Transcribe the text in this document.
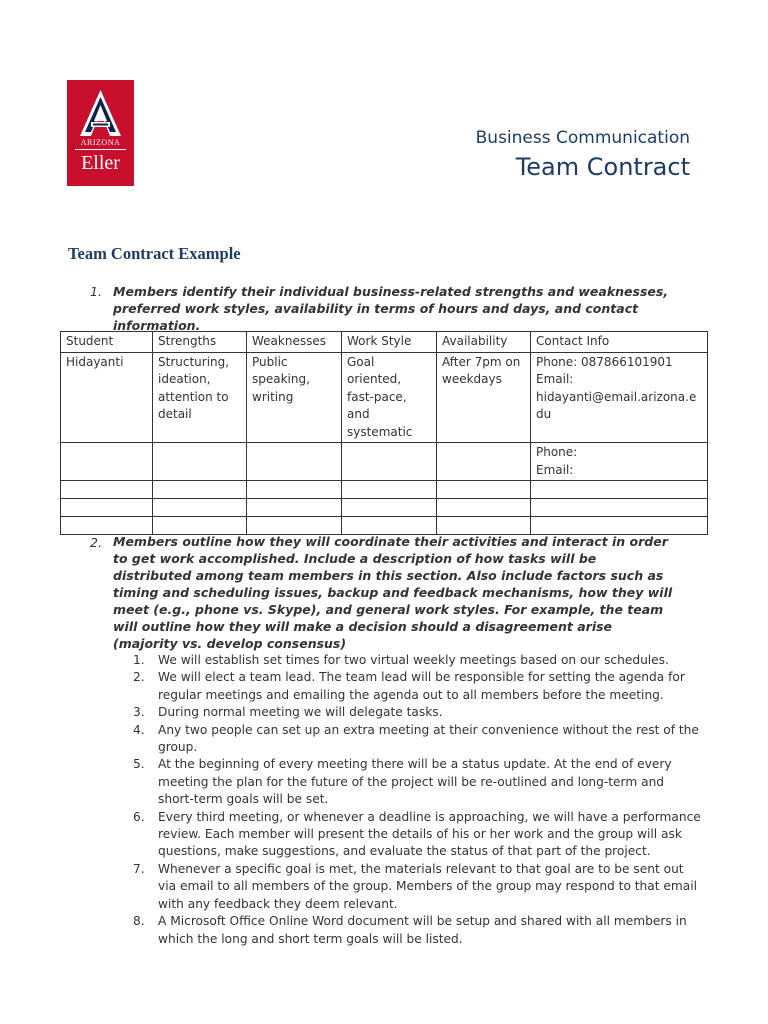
ARIZONA
Eller
Business Communication
Team Contract
Team Contract Example
1. Members identify their individual business-related strengths and weaknesses, preferred work styles, availability in terms of hours and days, and contact information.
Student	Strengths	Weaknesses	Work Style	Availability	Contact Info
Hidayanti	Structuring, ideation, attention to detail	Public speaking, writing	Goal oriented, fast-pace, and systematic	After 7pm on weekdays	Phone: 087866101901
Email:
hidayanti@email.arizona.edu

					Phone:
Email:

2. Members outline how they will coordinate their activities and interact in order to get work accomplished. Include a description of how tasks will be distributed among team members in this section. Also include factors such as timing and scheduling issues, backup and feedback mechanisms, how they will meet (e.g., phone vs. Skype), and general work styles. For example, the team will outline how they will make a decision should a disagreement arise (majority vs. develop consensus)
1. We will establish set times for two virtual weekly meetings based on our schedules.
2. We will elect a team lead. The team lead will be responsible for setting the agenda for regular meetings and emailing the agenda out to all members before the meeting.
3. During normal meeting we will delegate tasks.
4. Any two people can set up an extra meeting at their convenience without the rest of the group.
5. At the beginning of every meeting there will be a status update. At the end of every meeting the plan for the future of the project will be re-outlined and long-term and short-term goals will be set.
6. Every third meeting, or whenever a deadline is approaching, we will have a performance review. Each member will present the details of his or her work and the group will ask questions, make suggestions, and evaluate the status of that part of the project.
7. Whenever a specific goal is met, the materials relevant to that goal are to be sent out via email to all members of the group. Members of the group may respond to that email with any feedback they deem relevant.
8. A Microsoft Office Online Word document will be setup and shared with all members in which the long and short term goals will be listed.
